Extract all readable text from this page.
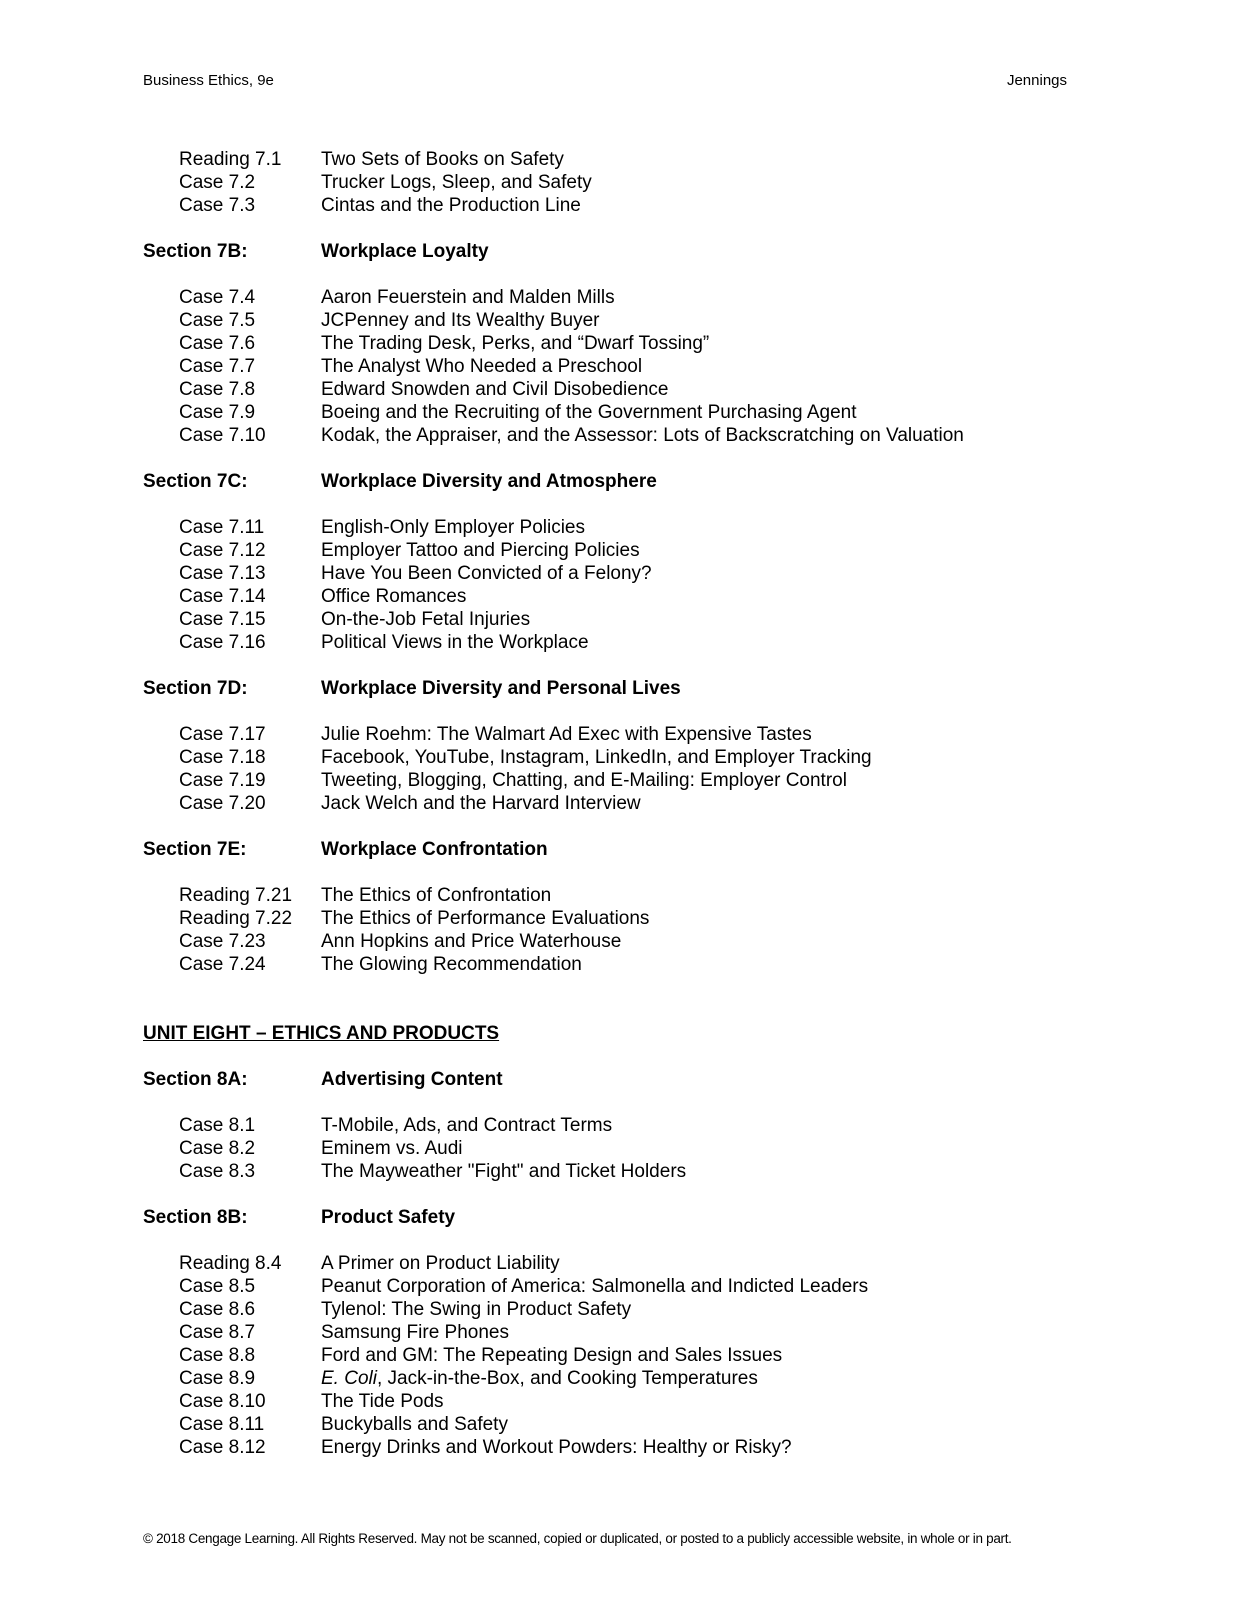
Business Ethics, 9e	Jennings
Reading 7.1 Two Sets of Books on Safety
Case 7.2	Trucker Logs, Sleep, and Safety
Case 7.3	Cintas and the Production Line
Section 7B:	Workplace Loyalty
Case 7.4	Aaron Feuerstein and Malden Mills
Case 7.5	JCPenney and Its Wealthy Buyer
Case 7.6	The Trading Desk, Perks, and “Dwarf Tossing”
Case 7.7	The Analyst Who Needed a Preschool
Case 7.8	Edward Snowden and Civil Disobedience
Case 7.9	Boeing and the Recruiting of the Government Purchasing Agent
Case 7.10	Kodak, the Appraiser, and the Assessor: Lots of Backscratching on Valuation
Section 7C:	Workplace Diversity and Atmosphere
Case 7.11	English-Only Employer Policies
Case 7.12	Employer Tattoo and Piercing Policies
Case 7.13	Have You Been Convicted of a Felony?
Case 7.14	Office Romances
Case 7.15	On-the-Job Fetal Injuries
Case 7.16	Political Views in the Workplace
Section 7D:	Workplace Diversity and Personal Lives
Case 7.17	Julie Roehm: The Walmart Ad Exec with Expensive Tastes
Case 7.18	Facebook, YouTube, Instagram, LinkedIn, and Employer Tracking
Case 7.19	Tweeting, Blogging, Chatting, and E-Mailing: Employer Control
Case 7.20	Jack Welch and the Harvard Interview
Section 7E:	Workplace Confrontation
Reading 7.21 The Ethics of Confrontation
Reading 7.22 The Ethics of Performance Evaluations
Case 7.23	Ann Hopkins and Price Waterhouse
Case 7.24	The Glowing Recommendation
UNIT EIGHT – ETHICS AND PRODUCTS
Section 8A:	Advertising Content
Case 8.1	T-Mobile, Ads, and Contract Terms
Case 8.2	Eminem vs. Audi
Case 8.3	The Mayweather "Fight" and Ticket Holders
Section 8B:	Product Safety
Reading 8.4 A Primer on Product Liability
Case 8.5	Peanut Corporation of America: Salmonella and Indicted Leaders
Case 8.6	Tylenol: The Swing in Product Safety
Case 8.7	Samsung Fire Phones
Case 8.8	Ford and GM: The Repeating Design and Sales Issues
Case 8.9	E. Coli, Jack-in-the-Box, and Cooking Temperatures
Case 8.10	The Tide Pods
Case 8.11	Buckyballs and Safety
Case 8.12	Energy Drinks and Workout Powders: Healthy or Risky?
© 2018 Cengage Learning. All Rights Reserved. May not be scanned, copied or duplicated, or posted to a publicly accessible website, in whole or in part.
